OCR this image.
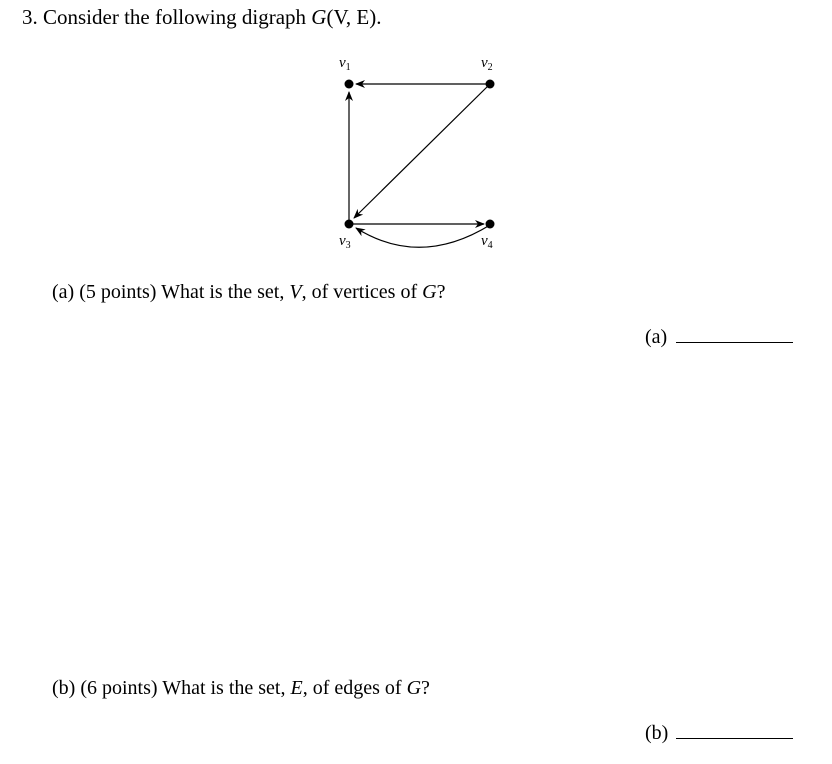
3. Consider the following digraph G(V, E).
$v_1$	$v_2$
$v_3$	$v_4$
(a) (5 points) What is the set, V, of vertices of G?
(a)
(b) (6 points) What is the set, E, of edges of G?
(b)
